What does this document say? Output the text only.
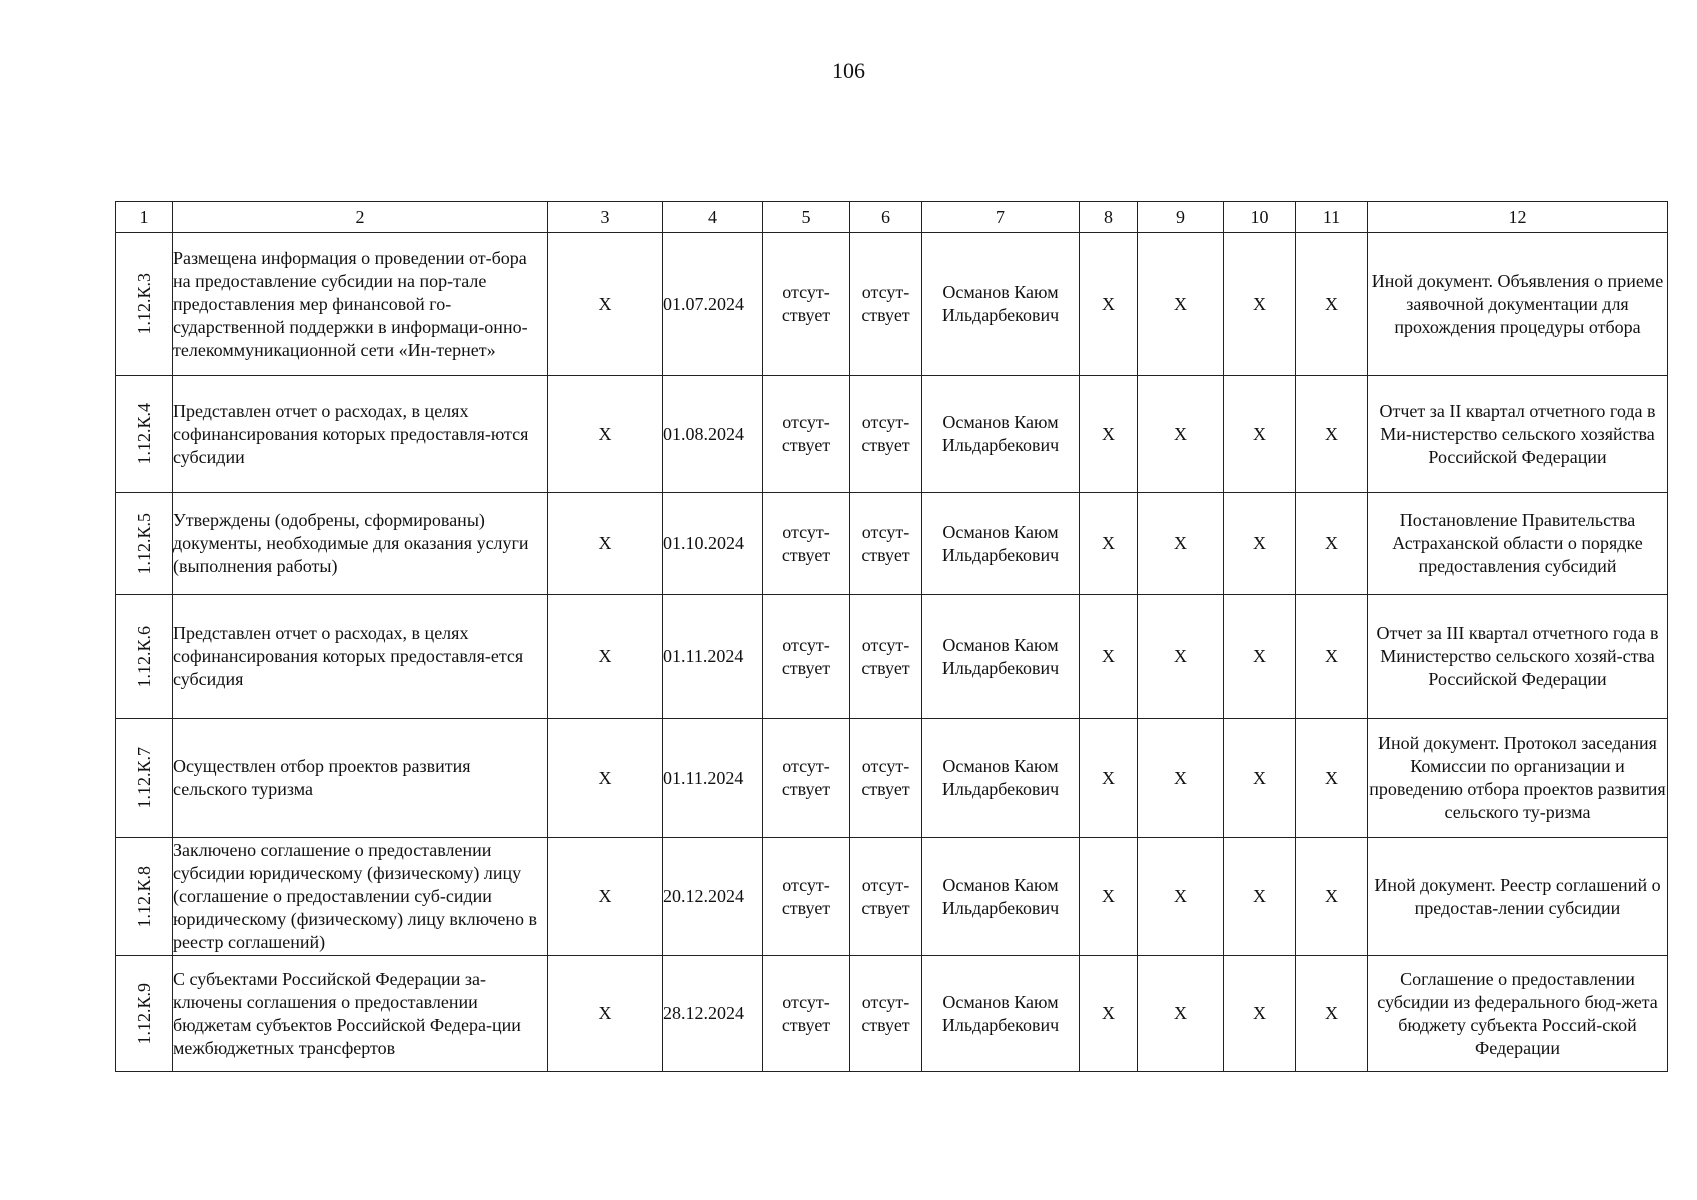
106
1	2	3	4	5	6	7	8	9	10	11	12

1.12.К.3	Размещена информация о проведении от-бора на предоставление субсидии на пор-тале предоставления мер финансовой го-сударственной поддержки в информаци-онно-телекоммуникационной сети «Ин-тернет»	X	01.07.2024	отсут-ствует	отсут-ствует	Османов Каюм Ильдарбекович	X	X	X	X	Иной документ. Объявления о приеме заявочной документации для прохождения процедуры отбора

1.12.К.4	Представлен отчет о расходах, в целях софинансирования которых предоставля-ются субсидии	X	01.08.2024	отсут-ствует	отсут-ствует	Османов Каюм Ильдарбекович	X	X	X	X	Отчет за II квартал отчетного года в Ми-нистерство сельского хозяйства Российской Федерации

1.12.К.5	Утверждены (одобрены, сформированы) документы, необходимые для оказания услуги (выполнения работы)	X	01.10.2024	отсут-ствует	отсут-ствует	Османов Каюм Ильдарбекович	X	X	X	X	Постановление Правительства Астраханской области о порядке предоставления субсидий

1.12.К.6	Представлен отчет о расходах, в целях софинансирования которых предоставля-ется субсидия	X	01.11.2024	отсут-ствует	отсут-ствует	Османов Каюм Ильдарбекович	X	X	X	X	Отчет за III квартал отчетного года в Министерство сельского хозяй-ства Российской Федерации

1.12.К.7	Осуществлен отбор проектов развития сельского туризма	X	01.11.2024	отсут-ствует	отсут-ствует	Османов Каюм Ильдарбекович	X	X	X	X	Иной документ. Протокол заседания Комиссии по организации и проведению отбора проектов развития сельского ту-ризма

1.12.К.8	Заключено соглашение о предоставлении субсидии юридическому (физическому) лицу (соглашение о предоставлении суб-сидии юридическому (физическому) лицу включено в реестр соглашений)	X	20.12.2024	отсут-ствует	отсут-ствует	Османов Каюм Ильдарбекович	X	X	X	X	Иной документ. Реестр соглашений о предостав-лении субсидии

1.12.К.9	С субъектами Российской Федерации за-ключены соглашения о предоставлении бюджетам субъектов Российской Федера-ции межбюджетных трансфертов	X	28.12.2024	отсут-ствует	отсут-ствует	Османов Каюм Ильдарбекович	X	X	X	X	Соглашение о предоставлении субсидии из федерального бюд-жета бюджету субъекта Россий-ской Федерации
